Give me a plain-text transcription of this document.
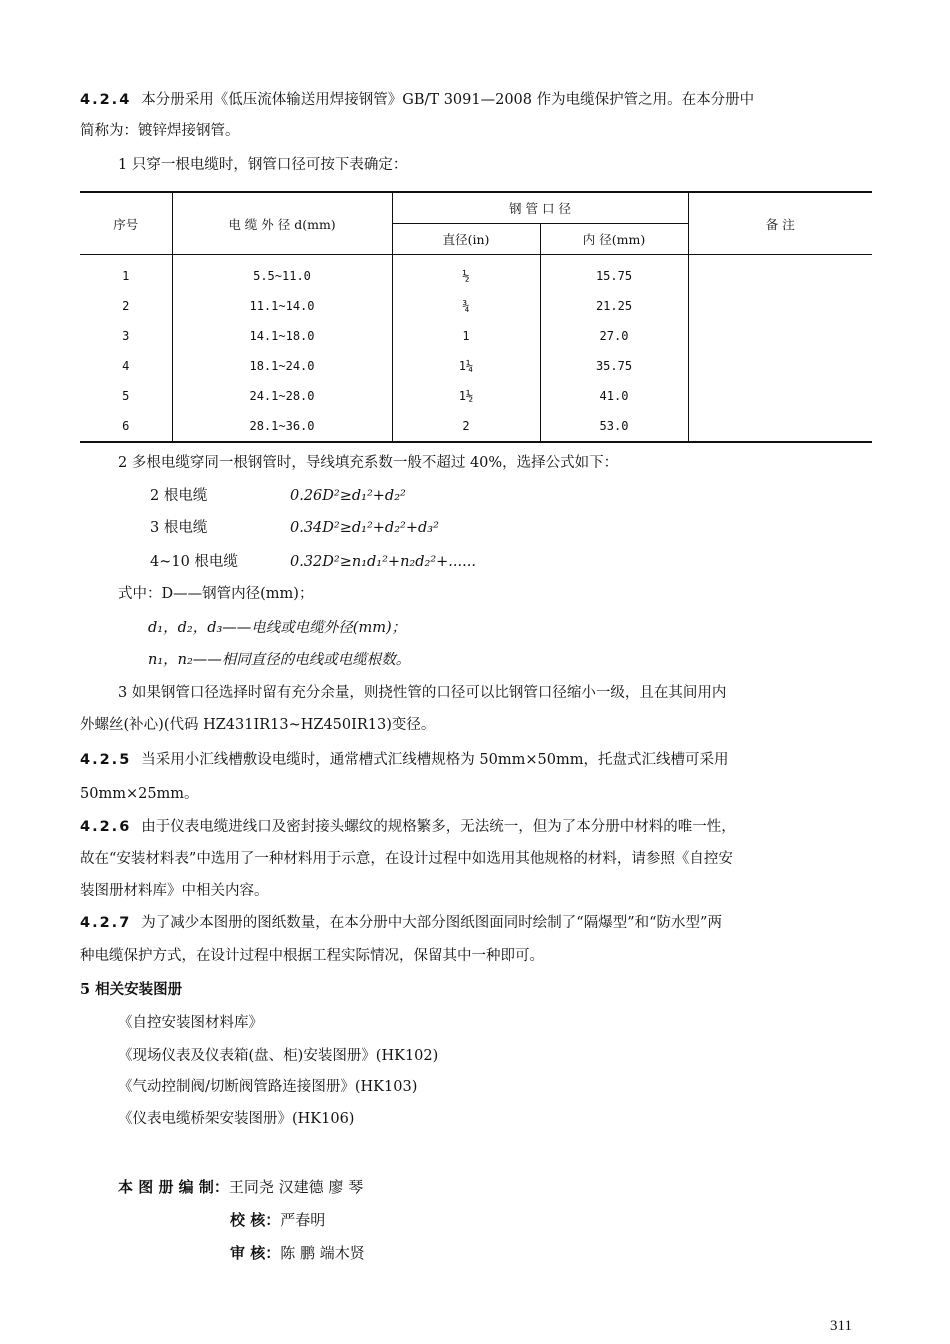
4.2.4 本分册采用《低压流体输送用焊接钢管》GB/T 3091—2008 作为电缆保护管之用。在本分册中
简称为：镀锌焊接钢管。
1 只穿一根电缆时，钢管口径可按下表确定：
序号	电 缆 外 径 d(mm)	钢 管 口 径		备 注
		直径(in)	内 径(mm)	
1	5.5~11.0	½	15.75	
2	11.1~14.0	¾	21.25	
3	14.1~18.0	1	27.0	
4	18.1~24.0	1¼	35.75	
5	24.1~28.0	1½	41.0	
6	28.1~36.0	2	53.0	
2 多根电缆穿同一根钢管时，导线填充系数一般不超过 40%，选择公式如下：
2 根电缆	0.26D²≥d₁²+d₂²
3 根电缆	0.34D²≥d₁²+d₂²+d₃²
4~10 根电缆	0.32D²≥n₁d₁²+n₂d₂²+......
式中：D——钢管内径(mm)；
d₁，d₂，d₃——电线或电缆外径(mm)；
n₁，n₂——相同直径的电线或电缆根数。
3 如果钢管口径选择时留有充分余量，则挠性管的口径可以比钢管口径缩小一级，且在其间用内
外螺丝(补心)(代码 HZ431IR13~HZ450IR13)变径。
4.2.5 当采用小汇线槽敷设电缆时，通常槽式汇线槽规格为 50mm×50mm，托盘式汇线槽可采用
50mm×25mm。
4.2.6 由于仪表电缆进线口及密封接头螺纹的规格繁多，无法统一，但为了本分册中材料的唯一性，
故在“安装材料表”中选用了一种材料用于示意，在设计过程中如选用其他规格的材料，请参照《自控安
装图册材料库》中相关内容。
4.2.7 为了减少本图册的图纸数量，在本分册中大部分图纸图面同时绘制了“隔爆型”和“防水型”两
种电缆保护方式，在设计过程中根据工程实际情况，保留其中一种即可。
5 相关安装图册
《自控安装图材料库》
《现场仪表及仪表箱(盘、柜)安装图册》(HK102)
《气动控制阀/切断阀管路连接图册》(HK103)
《仪表电缆桥架安装图册》(HK106)
本 图 册 编 制：王同尧 汉建德 廖 琴
校 核：严春明
审 核：陈 鹏 端木贤
311
